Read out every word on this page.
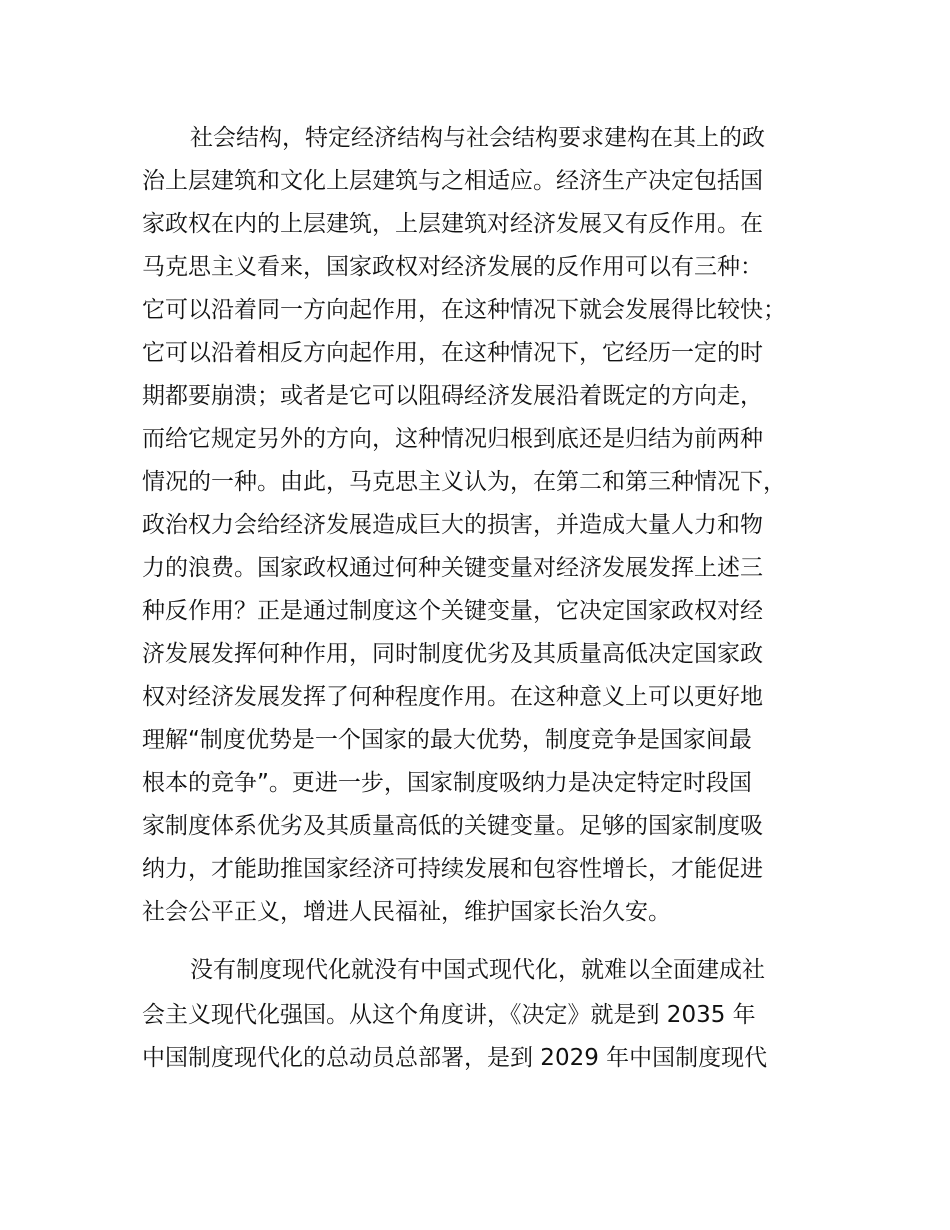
社会结构，特定经济结构与社会结构要求建构在其上的政
治上层建筑和文化上层建筑与之相适应。经济生产决定包括国
家政权在内的上层建筑，上层建筑对经济发展又有反作用。在
马克思主义看来，国家政权对经济发展的反作用可以有三种：
它可以沿着同一方向起作用，在这种情况下就会发展得比较快；
它可以沿着相反方向起作用，在这种情况下，它经历一定的时
期都要崩溃；或者是它可以阻碍经济发展沿着既定的方向走，
而给它规定另外的方向，这种情况归根到底还是归结为前两种
情况的一种。由此，马克思主义认为，在第二和第三种情况下，
政治权力会给经济发展造成巨大的损害，并造成大量人力和物
力的浪费。国家政权通过何种关键变量对经济发展发挥上述三
种反作用？正是通过制度这个关键变量，它决定国家政权对经
济发展发挥何种作用，同时制度优劣及其质量高低决定国家政
权对经济发展发挥了何种程度作用。在这种意义上可以更好地
理解“制度优势是一个国家的最大优势，制度竞争是国家间最
根本的竞争”。更进一步，国家制度吸纳力是决定特定时段国
家制度体系优劣及其质量高低的关键变量。足够的国家制度吸
纳力，才能助推国家经济可持续发展和包容性增长，才能促进
社会公平正义，增进人民福祉，维护国家长治久安。
没有制度现代化就没有中国式现代化，就难以全面建成社
会主义现代化强国。从这个角度讲，《决定》就是到 2035 年
中国制度现代化的总动员总部署，是到 2029 年中国制度现代
